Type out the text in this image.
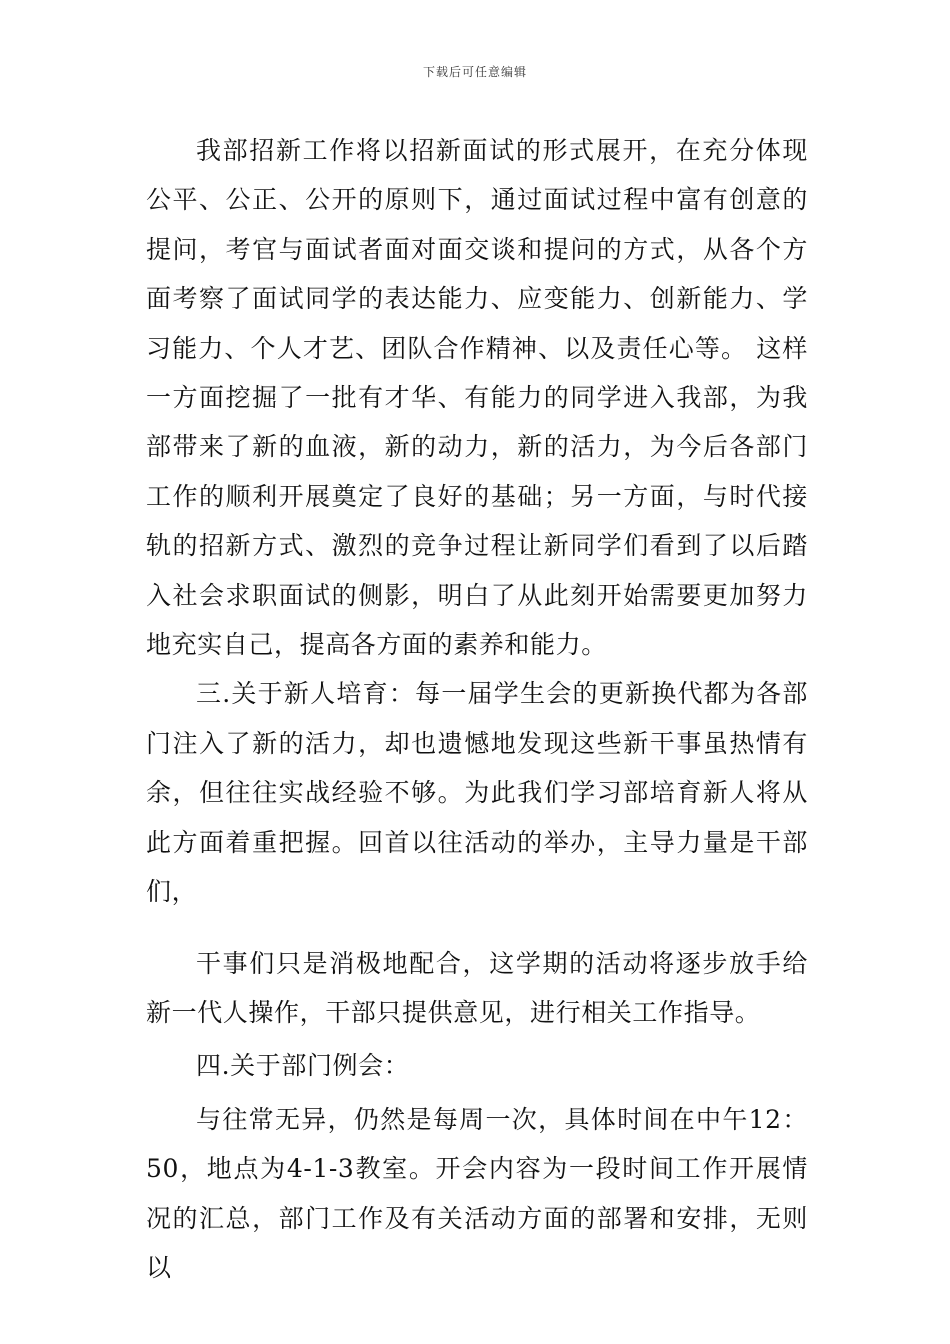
下载后可任意编辑

我部招新工作将以招新面试的形式展开，在充分体现公平、公正、公开的原则下，通过面试过程中富有创意的提问，考官与面试者面对面交谈和提问的方式，从各个方面考察了面试同学的表达能力、应变能力、创新能力、学习能力、个人才艺、团队合作精神、以及责任心等。 这样一方面挖掘了一批有才华、有能力的同学进入我部，为我部带来了新的血液，新的动力，新的活力，为今后各部门工作的顺利开展奠定了良好的基础；另一方面，与时代接轨的招新方式、激烈的竞争过程让新同学们看到了以后踏入社会求职面试的侧影，明白了从此刻开始需要更加努力地充实自己，提高各方面的素养和能力。

三.关于新人培育：每一届学生会的更新换代都为各部门注入了新的活力，却也遗憾地发现这些新干事虽热情有余，但往往实战经验不够。为此我们学习部培育新人将从此方面着重把握。回首以往活动的举办，主导力量是干部们，

干事们只是消极地配合，这学期的活动将逐步放手给新一代人操作，干部只提供意见，进行相关工作指导。

四.关于部门例会：

与往常无异，仍然是每周一次，具体时间在中午12：50，地点为4-1-3教室。开会内容为一段时间工作开展情况的汇总，部门工作及有关活动方面的部署和安排，无则以
